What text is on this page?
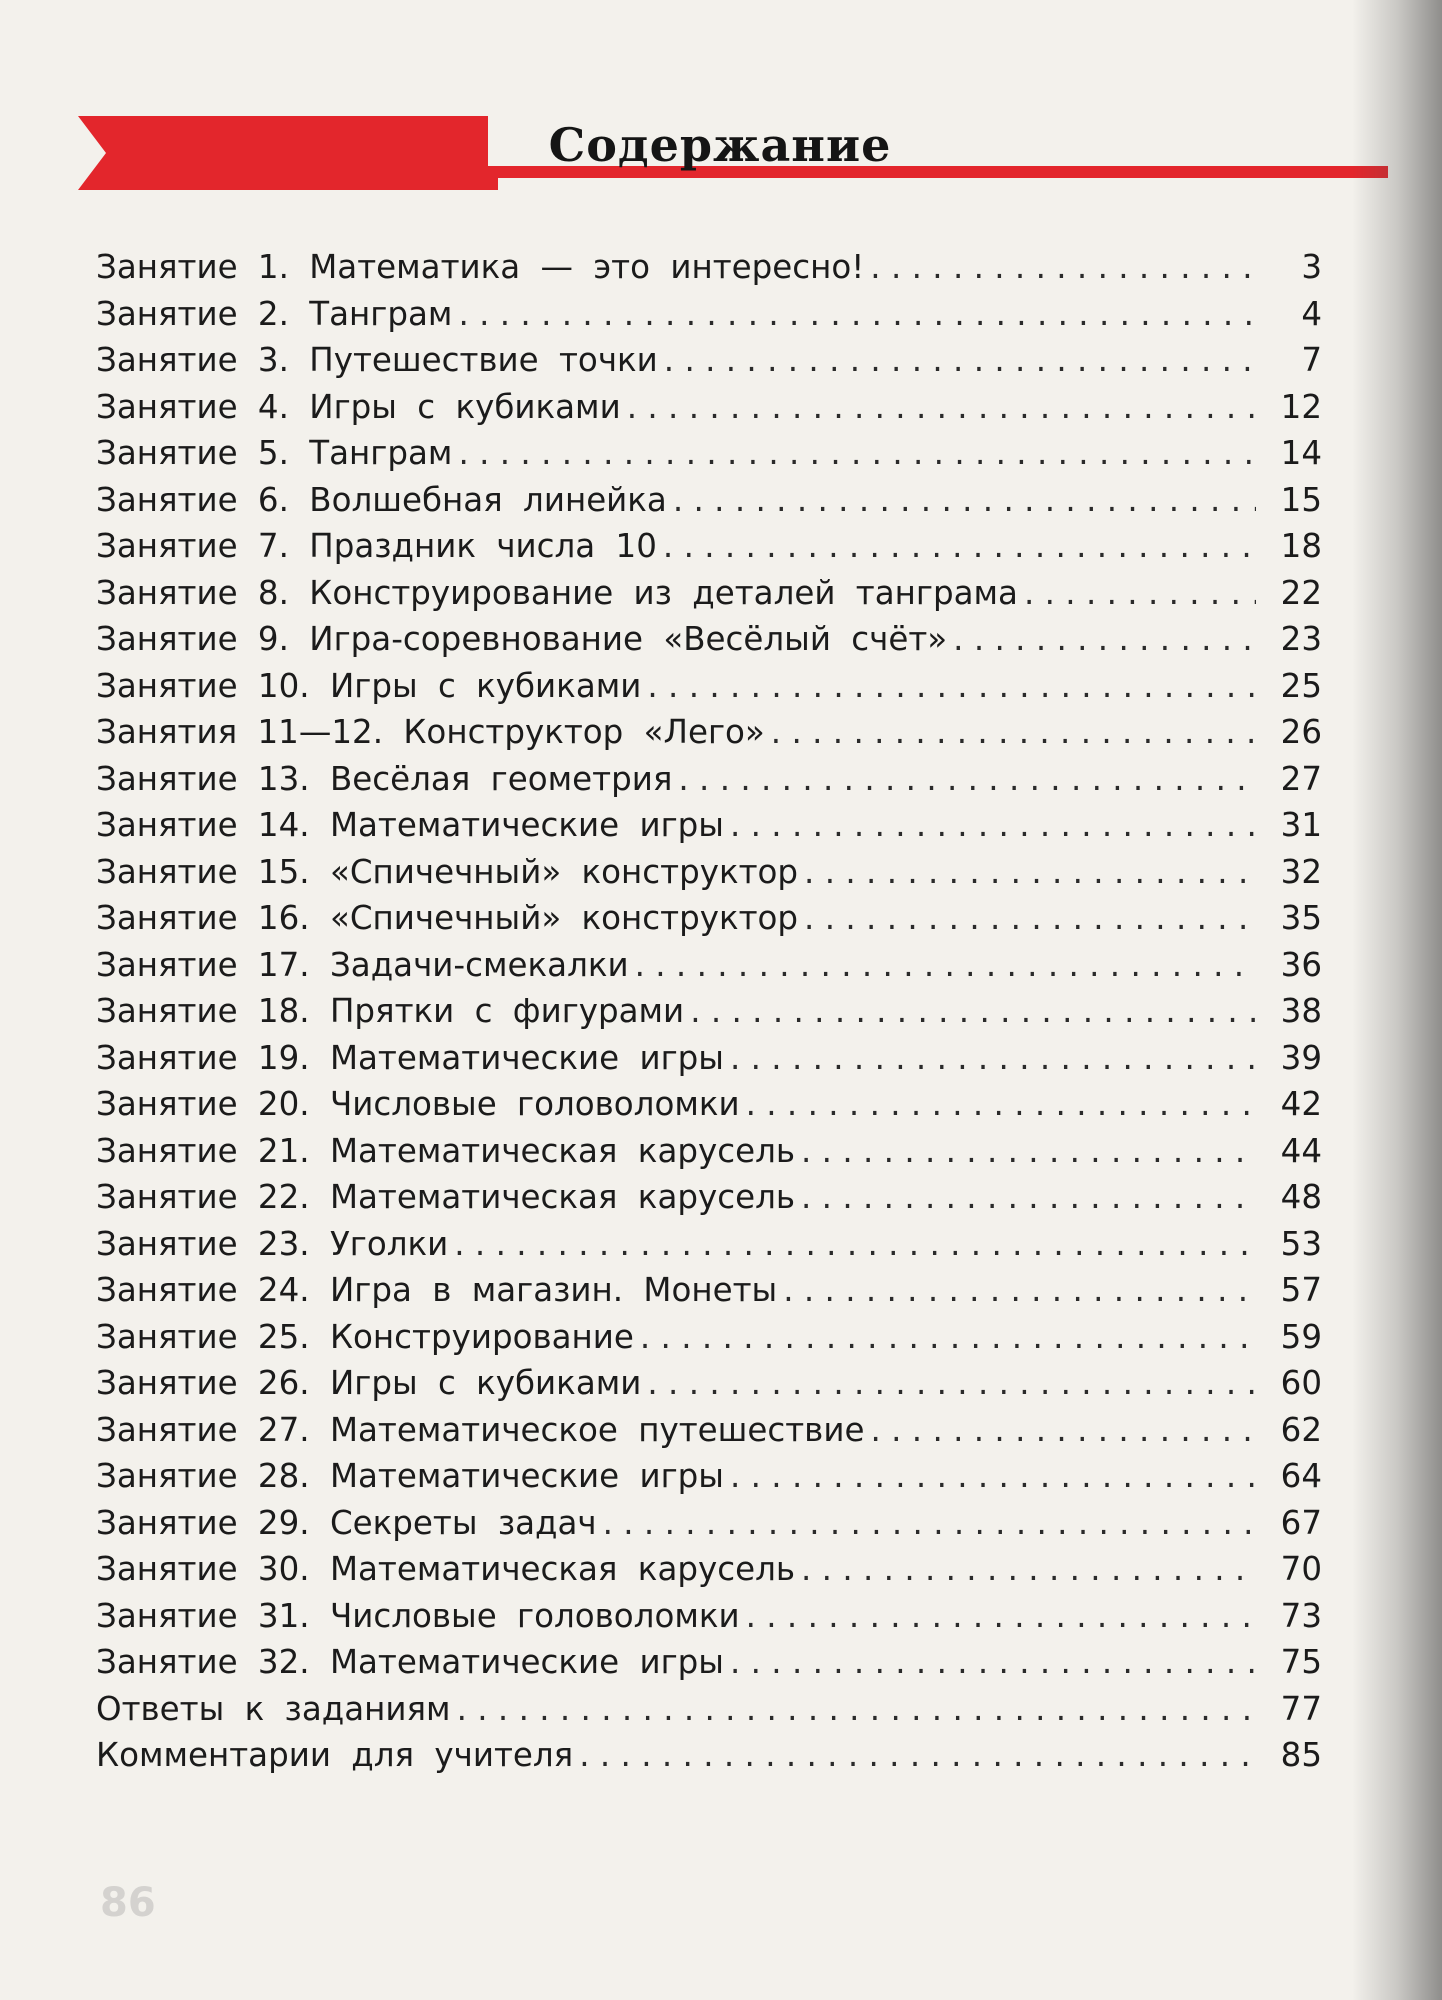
Содержание
Занятие 1. Математика — это интересно! . . .	3
Занятие 2. Танграм . . .	4
Занятие 3. Путешествие точки . . .	7
Занятие 4. Игры с кубиками . . .	12
Занятие 5. Танграм . . .	14
Занятие 6. Волшебная линейка . . .	15
Занятие 7. Праздник числа 10 . . .	18
Занятие 8. Конструирование из деталей танграма . . .	22
Занятие 9. Игра-соревнование «Весёлый счёт» . . .	23
Занятие 10. Игры с кубиками . . .	25
Занятия 11—12. Конструктор «Лего» . . .	26
Занятие 13. Весёлая геометрия . . .	27
Занятие 14. Математические игры . . .	31
Занятие 15. «Спичечный» конструктор . . .	32
Занятие 16. «Спичечный» конструктор . . .	35
Занятие 17. Задачи-смекалки . . .	36
Занятие 18. Прятки с фигурами . . .	38
Занятие 19. Математические игры . . .	39
Занятие 20. Числовые головоломки . . .	42
Занятие 21. Математическая карусель . . .	44
Занятие 22. Математическая карусель . . .	48
Занятие 23. Уголки . . .	53
Занятие 24. Игра в магазин. Монеты . . .	57
Занятие 25. Конструирование . . .	59
Занятие 26. Игры с кубиками . . .	60
Занятие 27. Математическое путешествие . . .	62
Занятие 28. Математические игры . . .	64
Занятие 29. Секреты задач . . .	67
Занятие 30. Математическая карусель . . .	70
Занятие 31. Числовые головоломки . . .	73
Занятие 32. Математические игры . . .	75
Ответы к заданиям . . .	77
Комментарии для учителя . . .	85
86
